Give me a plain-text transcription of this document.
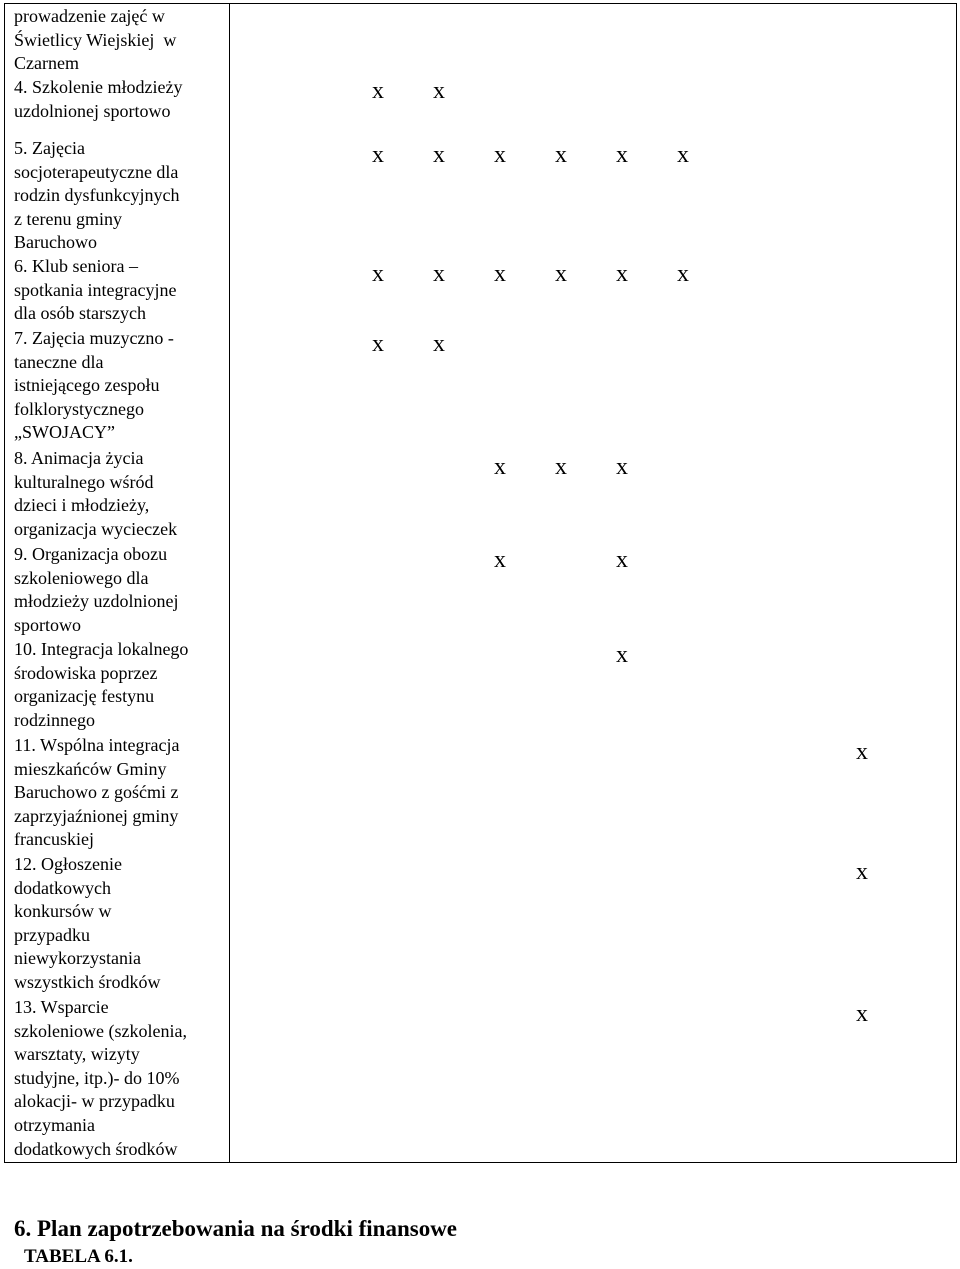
prowadzenie zajęć w
Świetlicy Wiejskiej  w
Czarnem
4. Szkolenie młodzieży
uzdolnionej sportowo
5. Zajęcia
socjoterapeutyczne dla
rodzin dysfunkcyjnych
z terenu gminy
Baruchowo
6. Klub seniora –
spotkania integracyjne
dla osób starszych
7. Zajęcia muzyczno -
taneczne dla
istniejącego zespołu
folklorystycznego
„SWOJACY”
8. Animacja życia
kulturalnego wśród
dzieci i młodzieży,
organizacja wycieczek
9. Organizacja obozu
szkoleniowego dla
młodzieży uzdolnionej
sportowo
10. Integracja lokalnego
środowiska poprzez
organizację festynu
rodzinnego
11. Wspólna integracja
mieszkańców Gminy
Baruchowo z gośćmi z
zaprzyjaźnionej gminy
francuskiej
12. Ogłoszenie
dodatkowych
konkursów w
przypadku
niewykorzystania
wszystkich środków
13. Wsparcie
szkoleniowe (szkolenia,
warsztaty, wizyty
studyjne, itp.)- do 10%
alokacji- w przypadku
otrzymania
dodatkowych środków
x x
x x x x x x
x x x x x x
x x
x x x
x	x
x
x
x
x
6. Plan zapotrzebowania na środki finansowe
TABELA 6.1.
